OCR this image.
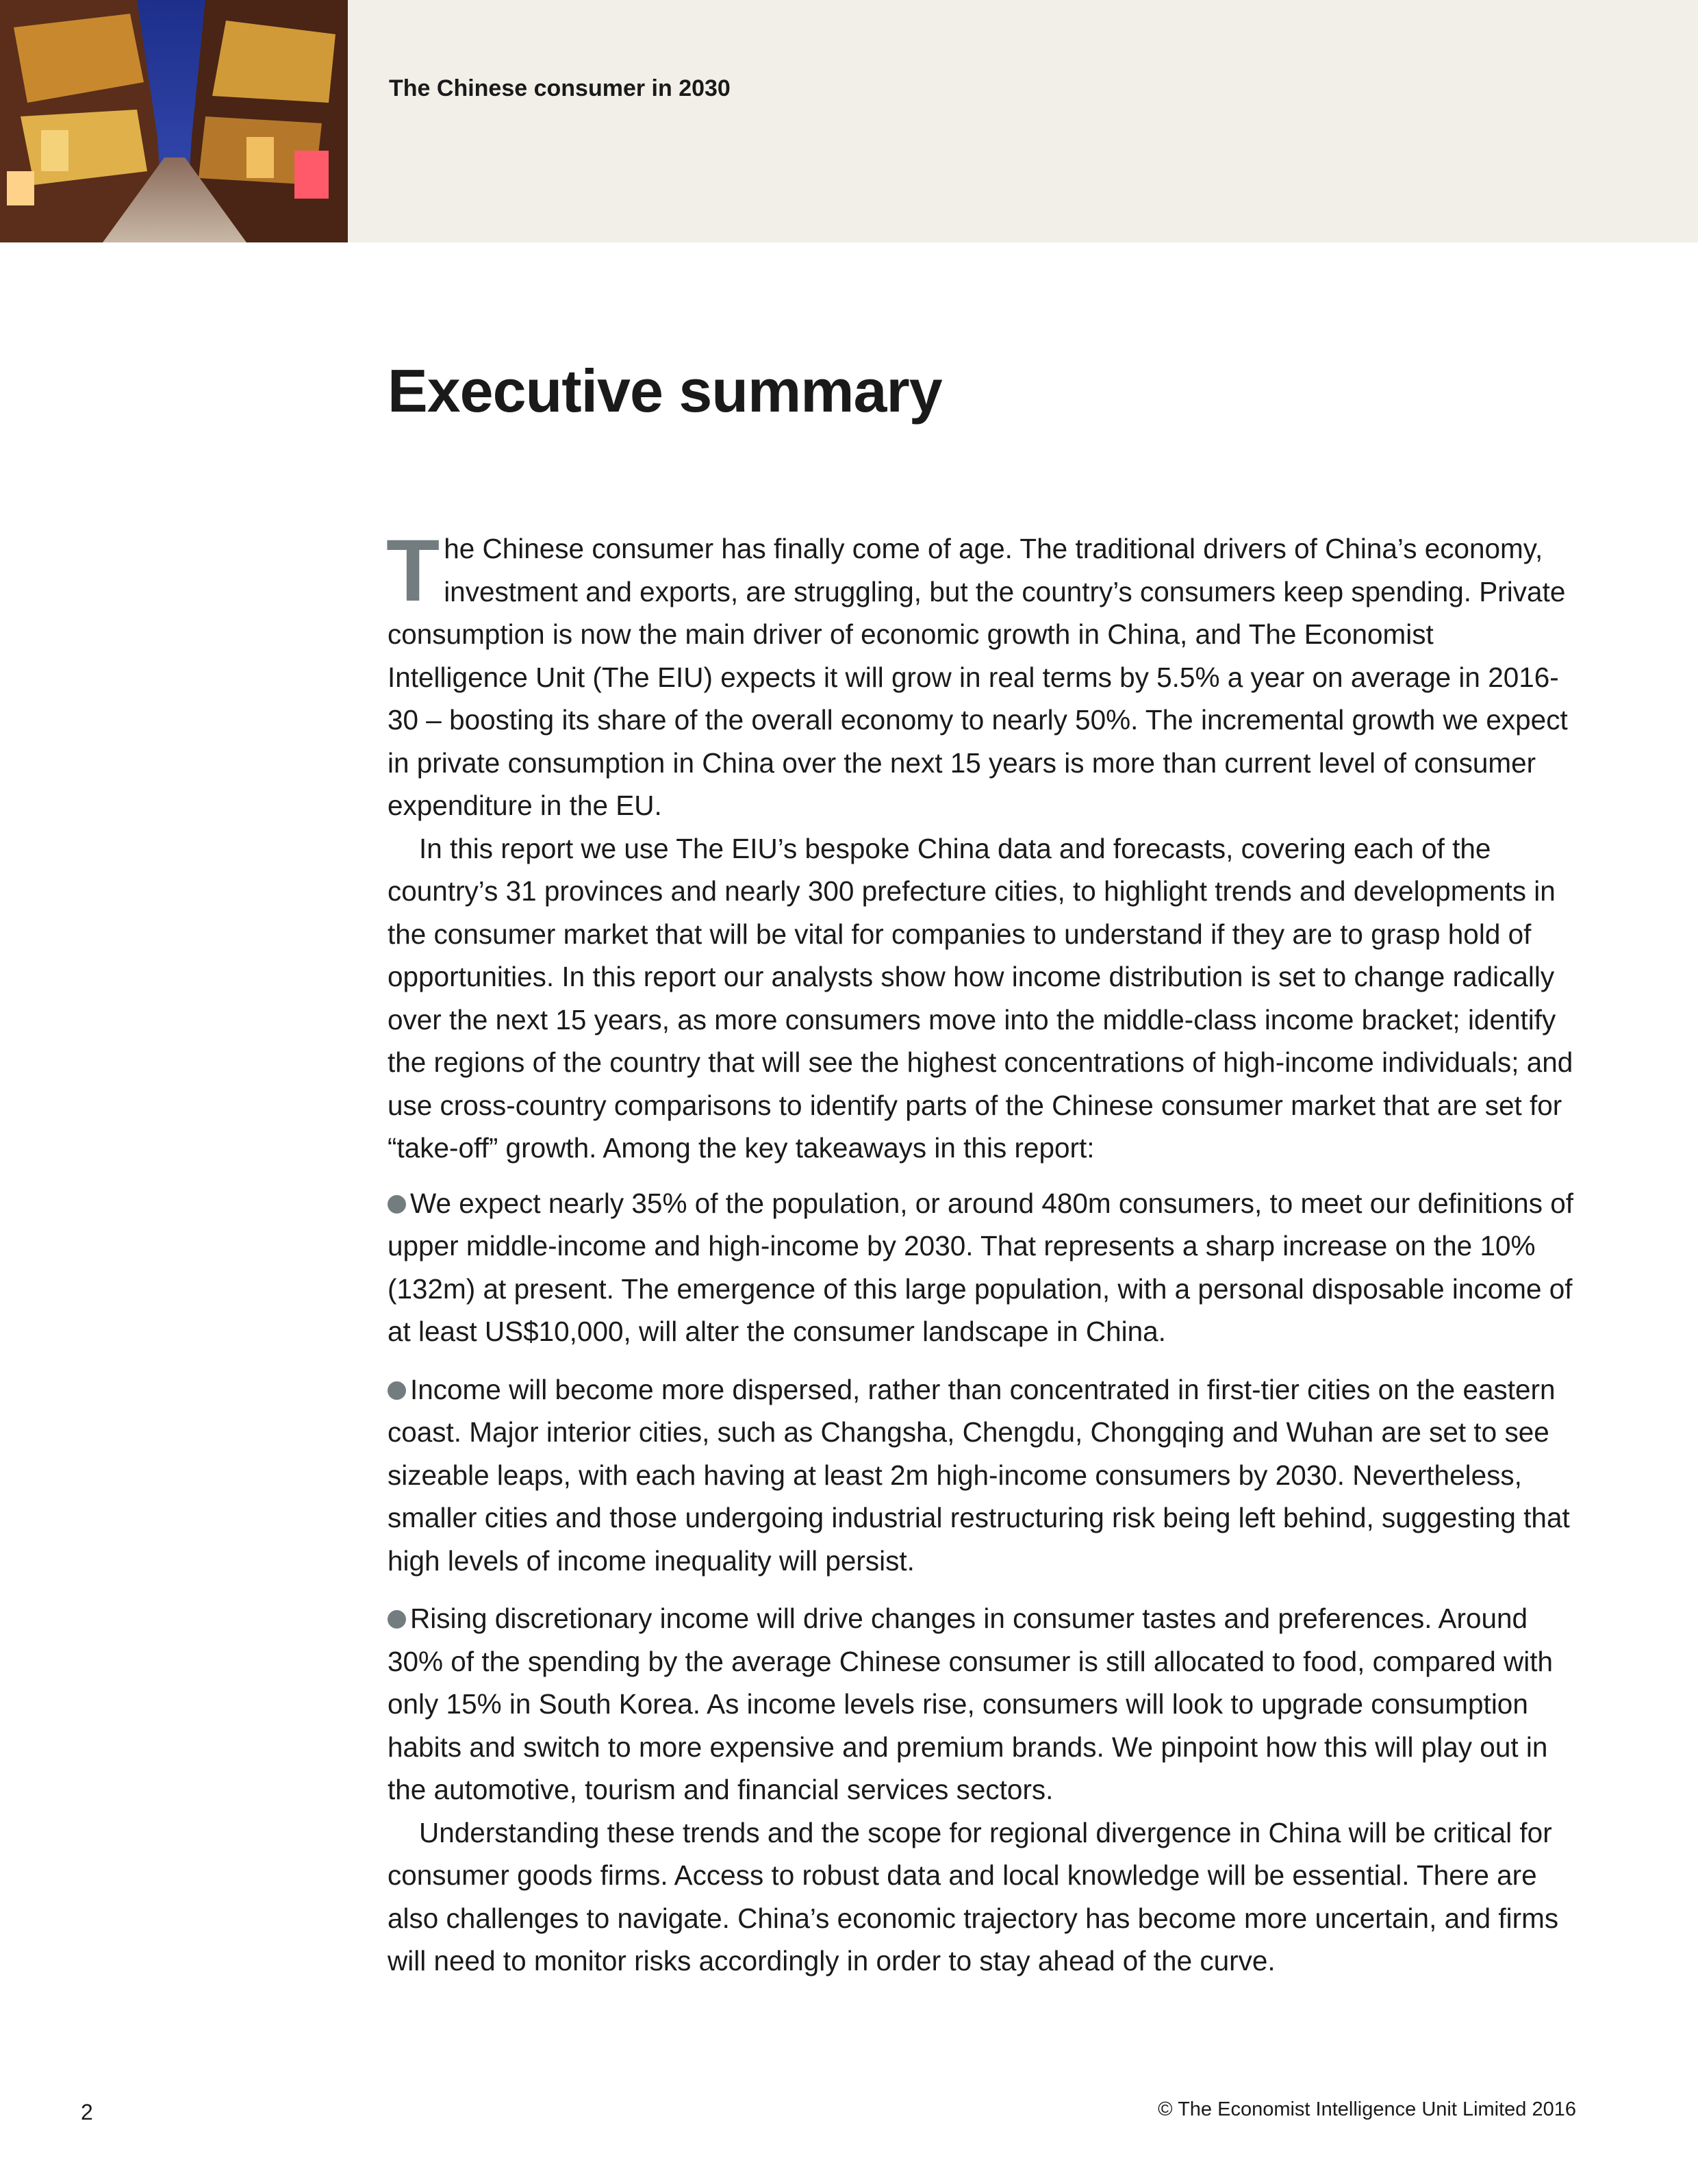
The Chinese consumer in 2030
Executive summary

The Chinese consumer has finally come of age. The traditional drivers of China’s economy, investment and exports, are struggling, but the country’s consumers keep spending. Private consumption is now the main driver of economic growth in China, and The Economist Intelligence Unit (The EIU) expects it will grow in real terms by 5.5% a year on average in 2016-30 – boosting its share of the overall economy to nearly 50%. The incremental growth we expect in private consumption in China over the next 15 years is more than current level of consumer expenditure in the EU.

In this report we use The EIU’s bespoke China data and forecasts, covering each of the country’s 31 provinces and nearly 300 prefecture cities, to highlight trends and developments in the consumer market that will be vital for companies to understand if they are to grasp hold of opportunities. In this report our analysts show how income distribution is set to change radically over the next 15 years, as more consumers move into the middle-class income bracket; identify the regions of the country that will see the highest concentrations of high-income individuals; and use cross-country comparisons to identify parts of the Chinese consumer market that are set for “take-off” growth. Among the key takeaways in this report:

We expect nearly 35% of the population, or around 480m consumers, to meet our definitions of upper middle-income and high-income by 2030. That represents a sharp increase on the 10% (132m) at present. The emergence of this large population, with a personal disposable income of at least US$10,000, will alter the consumer landscape in China.

Income will become more dispersed, rather than concentrated in first-tier cities on the eastern coast. Major interior cities, such as Changsha, Chengdu, Chongqing and Wuhan are set to see sizeable leaps, with each having at least 2m high-income consumers by 2030. Nevertheless, smaller cities and those undergoing industrial restructuring risk being left behind, suggesting that high levels of income inequality will persist.

Rising discretionary income will drive changes in consumer tastes and preferences. Around 30% of the spending by the average Chinese consumer is still allocated to food, compared with only 15% in South Korea. As income levels rise, consumers will look to upgrade consumption habits and switch to more expensive and premium brands. We pinpoint how this will play out in the automotive, tourism and financial services sectors.

Understanding these trends and the scope for regional divergence in China will be critical for consumer goods firms. Access to robust data and local knowledge will be essential. There are also challenges to navigate. China’s economic trajectory has become more uncertain, and firms will need to monitor risks accordingly in order to stay ahead of the curve.

2	© The Economist Intelligence Unit Limited 2016
